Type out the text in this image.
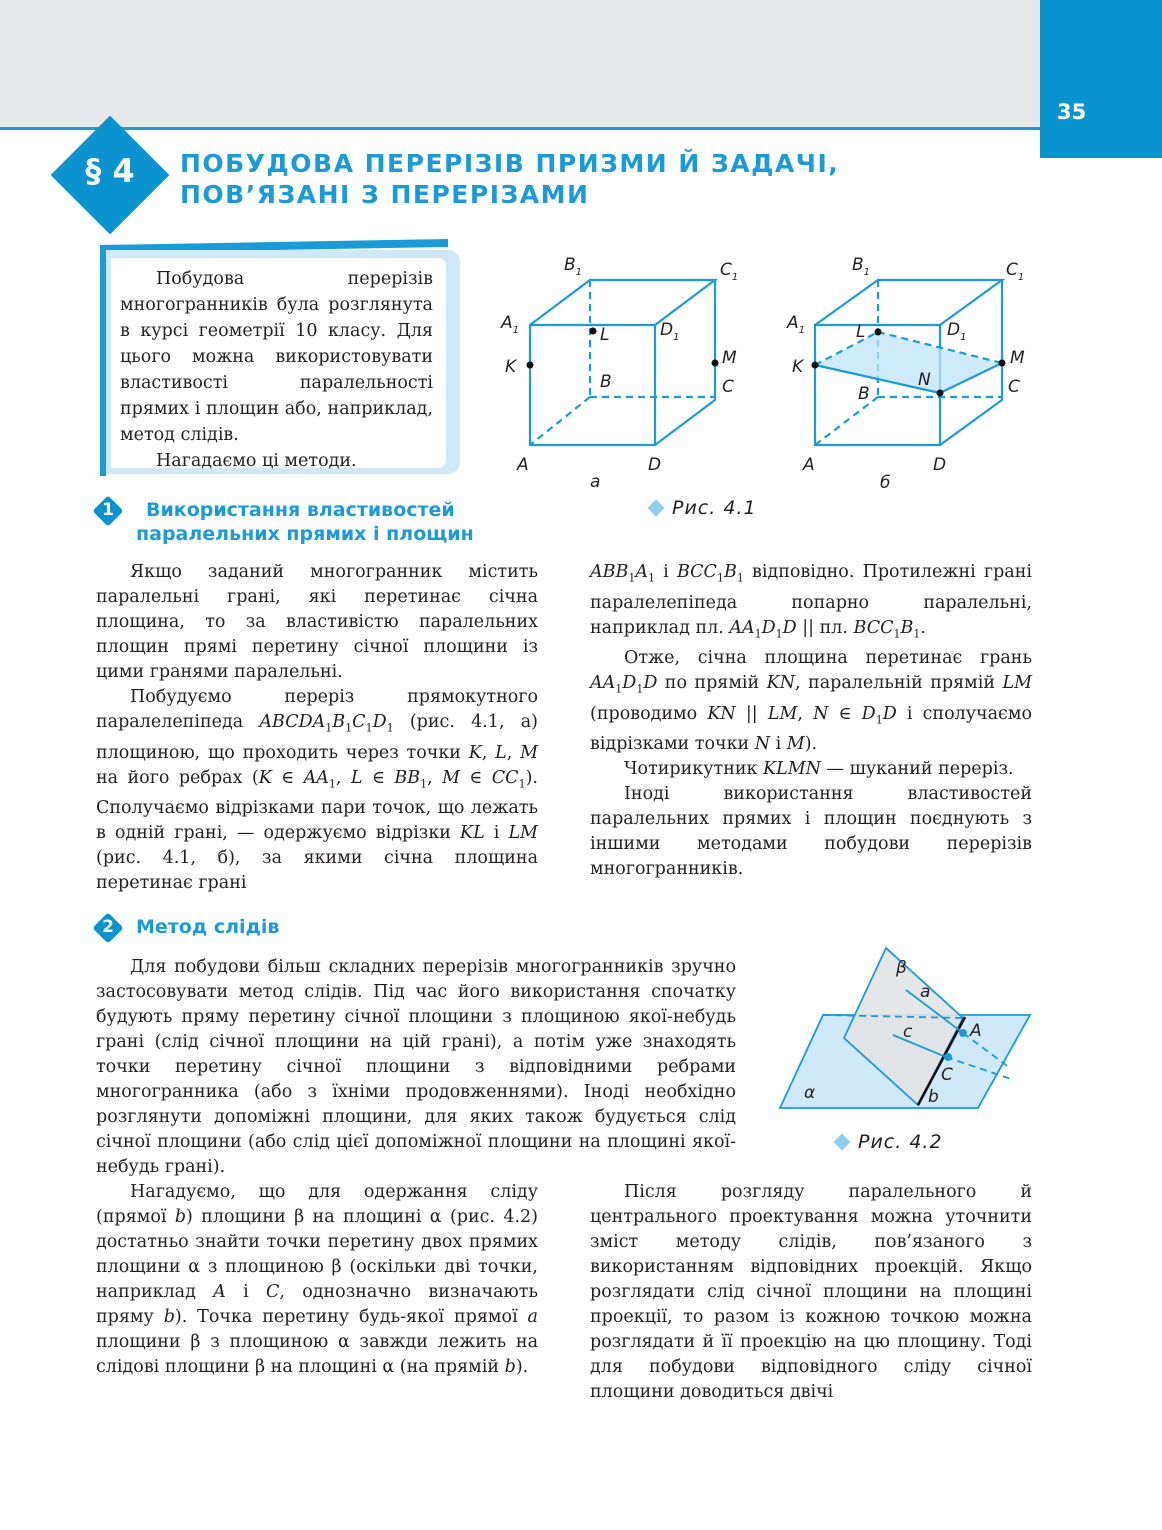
35
§ 4	ПОБУДОВА ПЕРЕРІЗІВ ПРИЗМИ Й ЗАДАЧІ,
ПОВ’ЯЗАНІ З ПЕРЕРІЗАМИ

Побудова перерізів многогранників була розглянута в курсі геометрії 10 класу. Для цього можна використовувати властивості паралельності прямих і площин або, наприклад, метод слідів.
Нагадаємо ці методи.

$B_1$	$C_1$
$A_1$	$D_1$
L
K	M
B	C
A	D
а
$B_1$	$C_1$
$A_1$	$D_1$
L
K	M
N
B	C
A	D
б
Рис. 4.1
1	Використання властивостей
паралельних прямих і площин

Якщо заданий многогранник містить паралельні грані, які перетинає січна площина, то за властивістю паралельних площин прямі перетину січної площини із цими гранями паралельні.

Побудуємо переріз прямокутного паралелепіпеда $ABCDA_1B_1C_1D_1$ (рис. 4.1, а) площиною, що проходить через точки K, L, M на його ребрах (K ∈ $AA_1$, L ∈ $BB_1$, M ∈ $CC_1$). Сполучаємо відрізками пари точок, що лежать в одній грані, — одержуємо відрізки KL і LM (рис. 4.1, б), за якими січна площина перетинає грані

$ABB_1A_1$ і $BCC_1B_1$ відповідно. Протилежні грані паралелепіпеда попарно паралельні, наприклад пл. $AA_1D_1D$ || пл. $BCC_1B_1$.

Отже, січна площина перетинає грань $AA_1D_1D$ по прямій KN, паралельній прямій LM (проводимо KN || LM, N ∈ $D_1D$ і сполучаємо відрізками точки N і M).

Чотирикутник KLMN — шуканий переріз.

Іноді використання властивостей паралельних прямих і площин поєднують з іншими методами побудови перерізів многогранників.

2	Метод слідів

Для побудови більш складних перерізів многогранників зручно застосовувати метод слідів. Під час його використання спочатку будують пряму перетину січної площини з площиною якої-небудь грані (слід січної площини на цій грані), а потім уже знаходять точки перетину січної площини з відповідними ребрами многогранника (або з їхніми продовженнями). Іноді необхідно розглянути допоміжні площини, для яких також будується слід січної площини (або слід цієї допоміжної площини на площині якої-небудь грані).

β
a
c	A
C
b
α
Рис. 4.2

Нагадуємо, що для одержання сліду (прямої b) площини β на площині α (рис. 4.2) достатньо знайти точки перетину двох прямих площини α з площиною β (оскільки дві точки, наприклад A і C, однозначно визначають пряму b). Точка перетину будь-якої прямої a площини β з площиною α завжди лежить на слідові площини β на площині α (на прямій b).

Після розгляду паралельного й центрального проектування можна уточнити зміст методу слідів, пов’язаного з використанням відповідних проекцій. Якщо розглядати слід січної площини на площині проекції, то разом із кожною точкою можна розглядати й її проекцію на цю площину. Тоді для побудови відповідного сліду січної площини доводиться двічі
